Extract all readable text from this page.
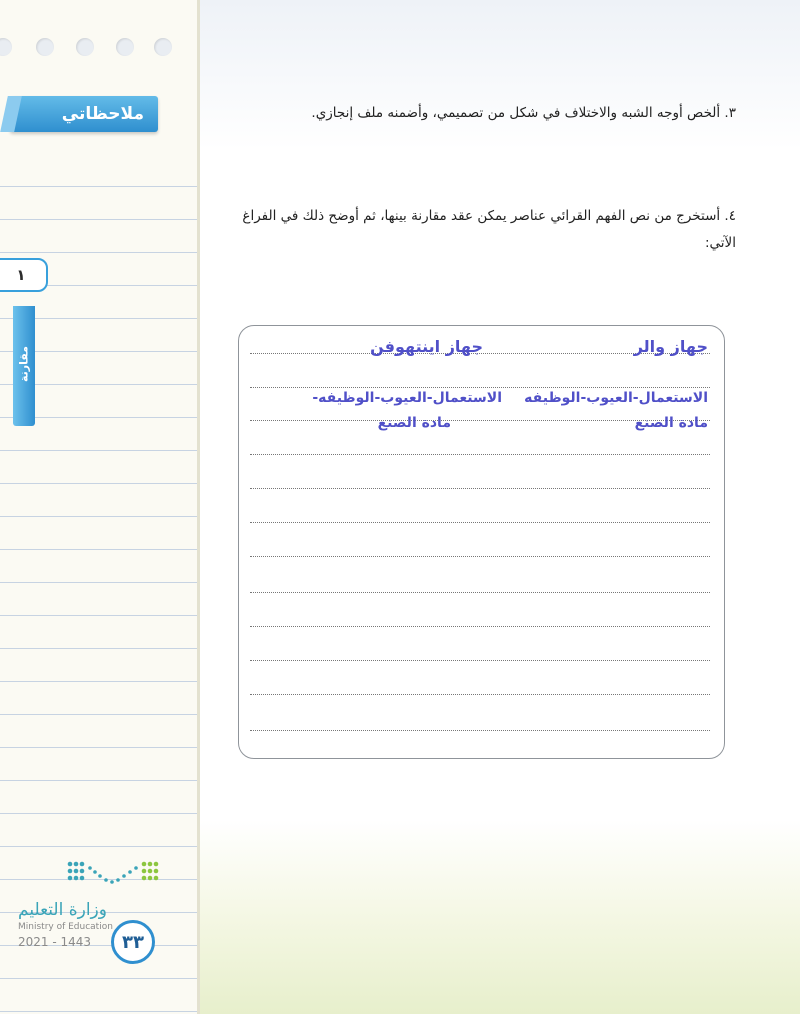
ملاحظاتي
١
مقارنة
وزارة التعليم
Ministry of Education
2021 - 1443	٣٣
٣. ألخص أوجه الشبه والاختلاف في شكل من تصميمي، وأضمنه ملف إنجازي.
٤. أستخرج من نص الفهم القرائي عناصر يمكن عقد مقارنة بينها، ثم أوضح ذلك في الفراغ الآتي:
جهاز والر
جهاز اينتهوفن
الاستعمال-العيوب-الوظيفه
الاستعمال-العيوب-الوظيفه-
مادة الصنع
مادة الصنع
